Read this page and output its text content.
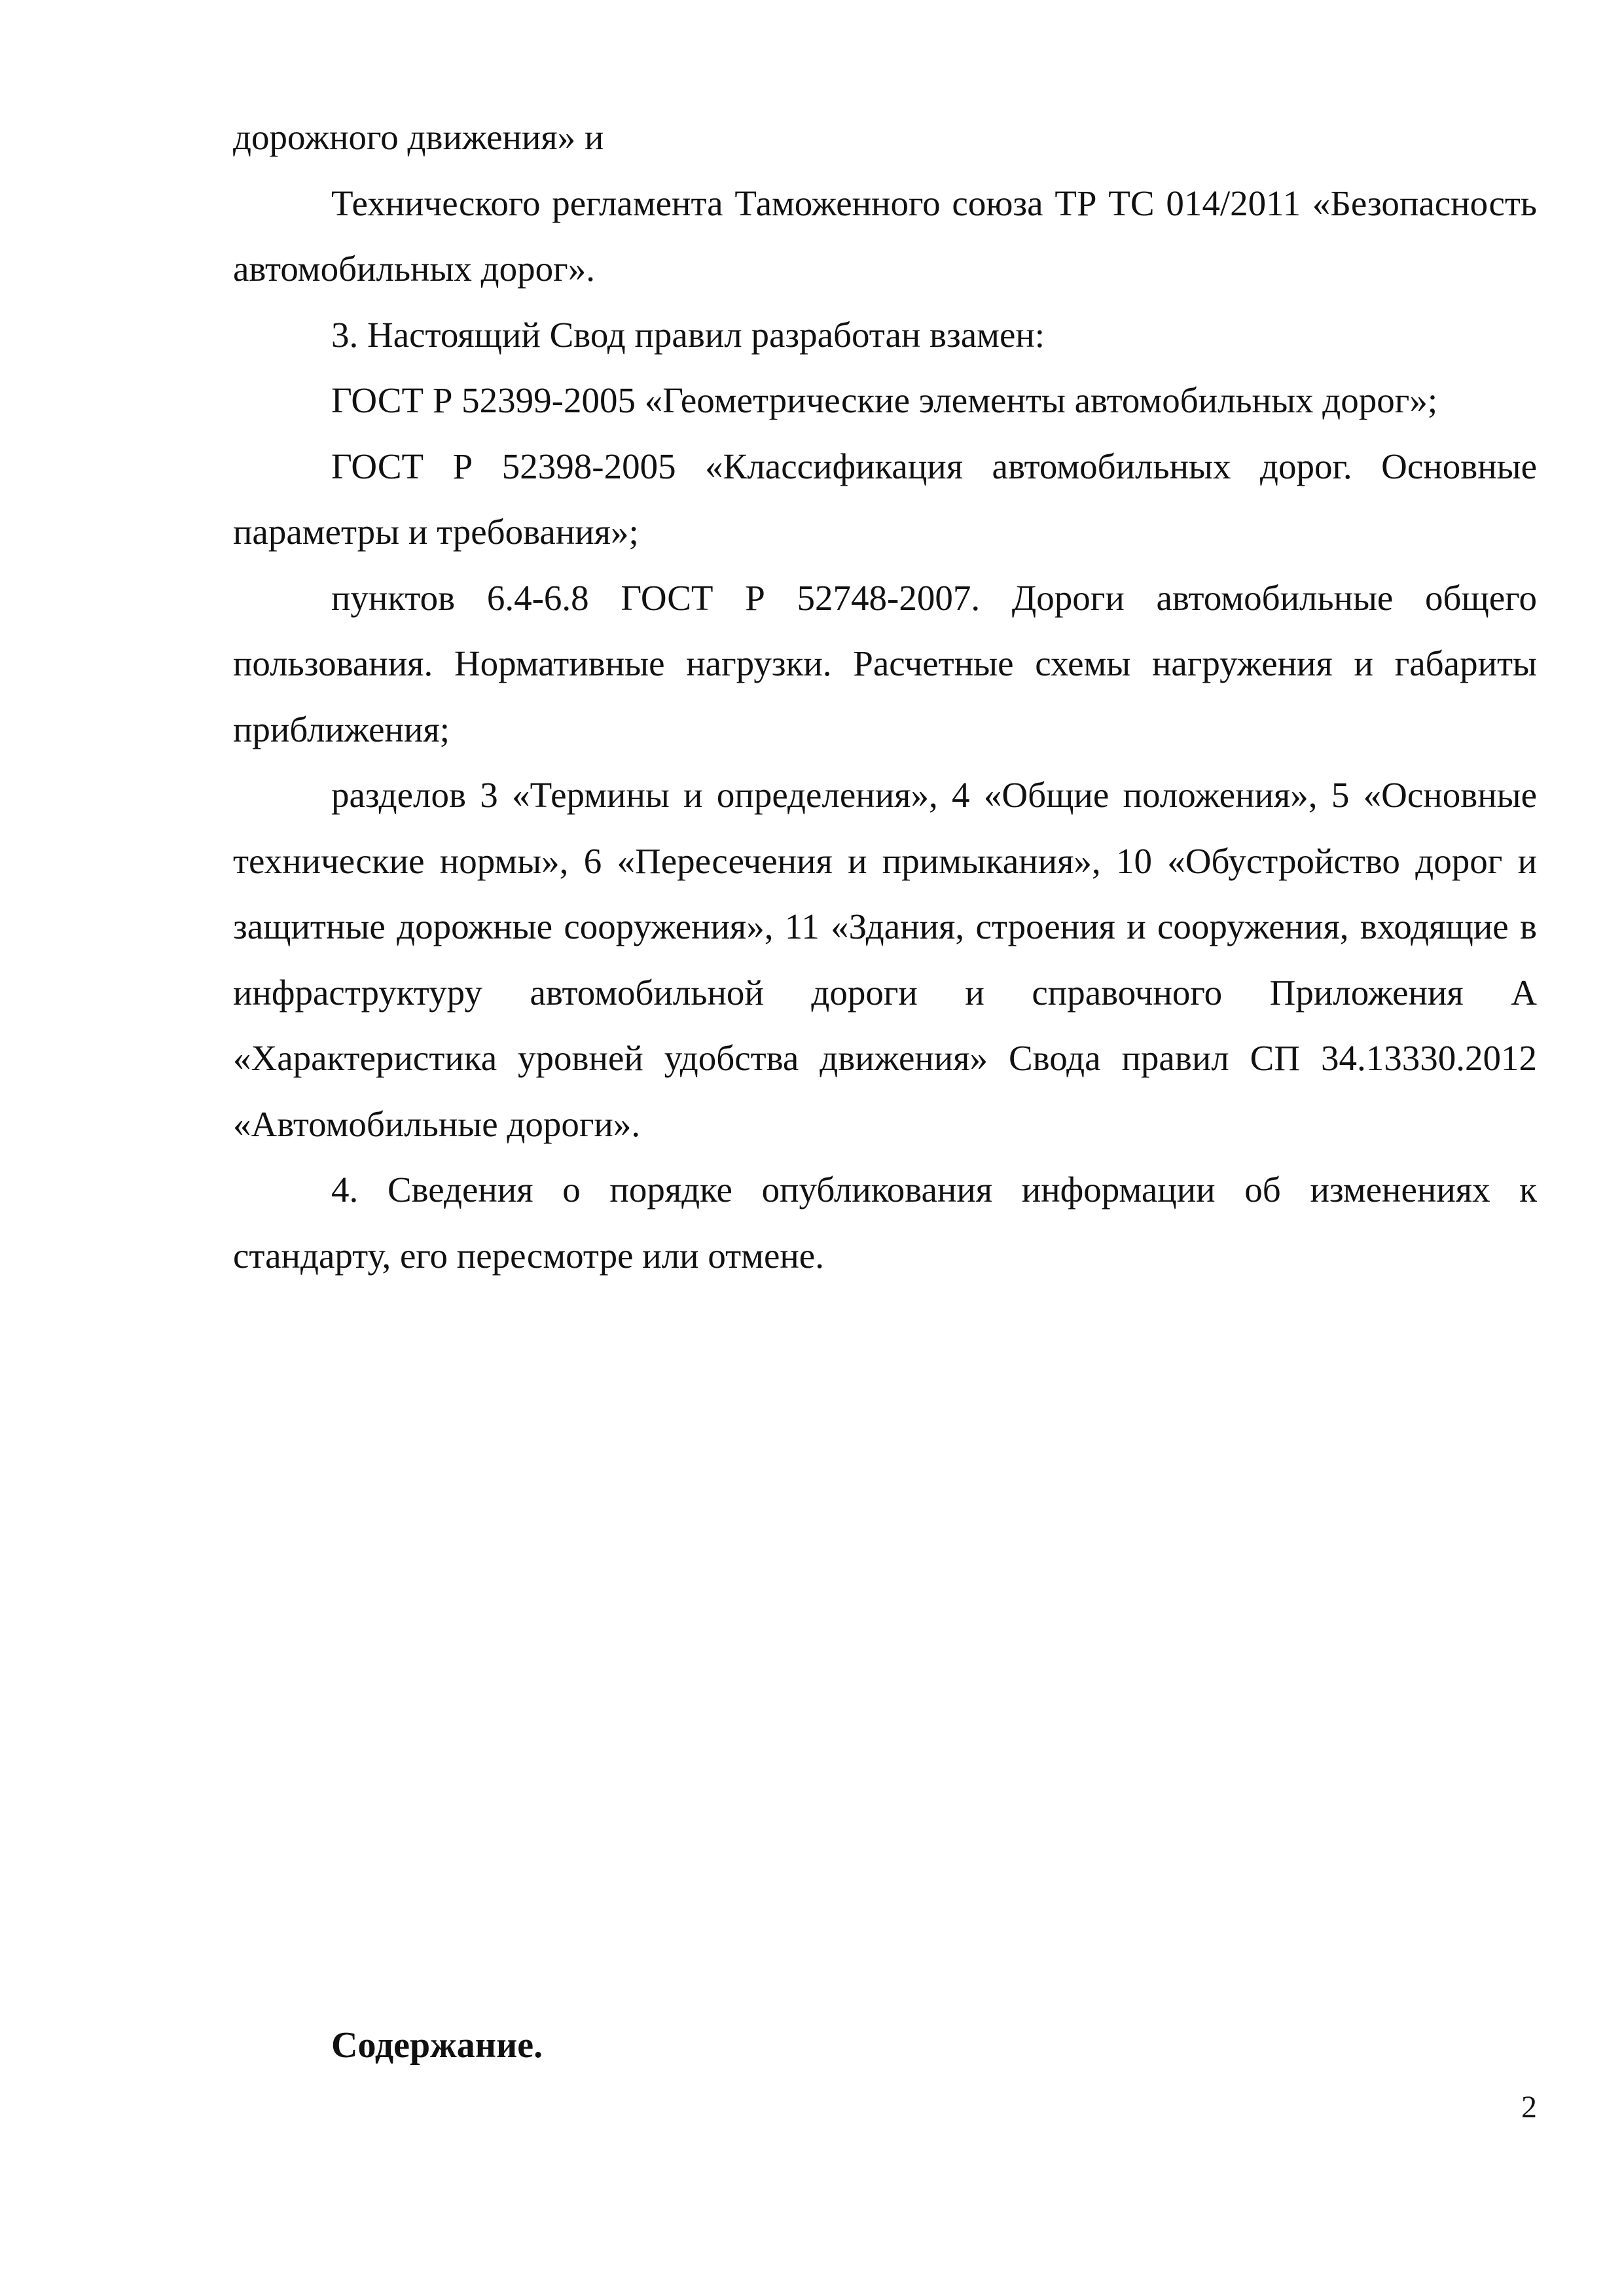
дорожного движения» и

Технического регламента Таможенного союза ТР ТС 014/2011 «Безопасность автомобильных дорог».

3. Настоящий Свод правил разработан взамен:

ГОСТ Р 52399-2005 «Геометрические элементы автомобильных дорог»;

ГОСТ Р 52398-2005 «Классификация автомобильных дорог. Основные параметры и требования»;

пунктов 6.4-6.8 ГОСТ Р 52748-2007. Дороги автомобильные общего пользования. Нормативные нагрузки. Расчетные схемы нагружения и габариты приближения;

разделов 3 «Термины и определения», 4 «Общие положения», 5 «Основные технические нормы», 6 «Пересечения и примыкания», 10 «Обустройство дорог и защитные дорожные сооружения», 11 «Здания, строения и сооружения, входящие в инфраструктуру автомобильной дороги и справочного Приложения А «Характеристика уровней удобства движения» Свода правил СП 34.13330.2012 «Автомобильные дороги».

4. Сведения о порядке опубликования информации об изменениях к стандарту, его пересмотре или отмене.

Содержание.

2
